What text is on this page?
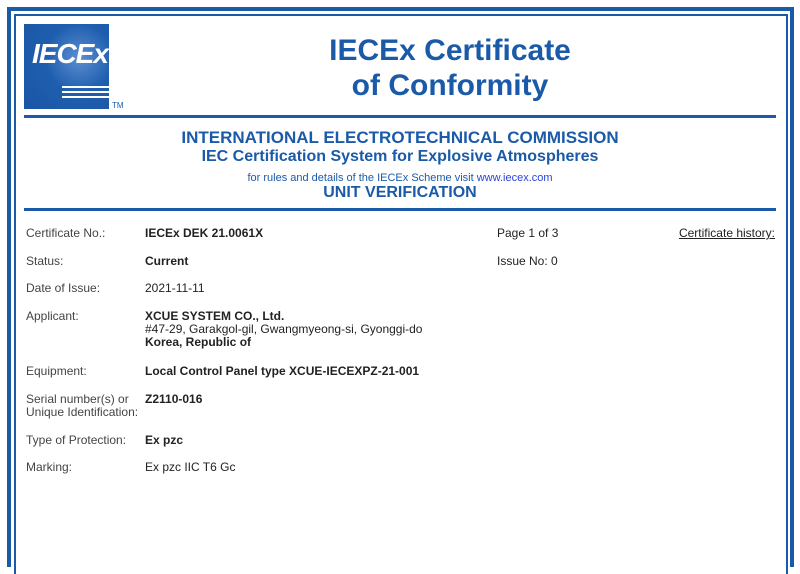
IECEx
TM
IECEx Certificate
of Conformity
INTERNATIONAL ELECTROTECHNICAL COMMISSION
IEC Certification System for Explosive Atmospheres
for rules and details of the IECEx Scheme visit www.iecex.com
UNIT VERIFICATION
Certificate No.:	IECEx DEK 21.0061X	Page 1 of 3	Certificate history:
Status:	Current	Issue No: 0
Date of Issue:	2021-11-11
Applicant:	XCUE SYSTEM CO., Ltd.
#47-29, Garakgol-gil, Gwangmyeong-si, Gyonggi-do
Korea, Republic of
Equipment:	Local Control Panel type XCUE-IECEXPZ-21-001
Serial number(s) or
Unique Identification:
Z2110-016
Type of Protection: Ex pzc
Marking:	Ex pzc IIC T6 Gc
